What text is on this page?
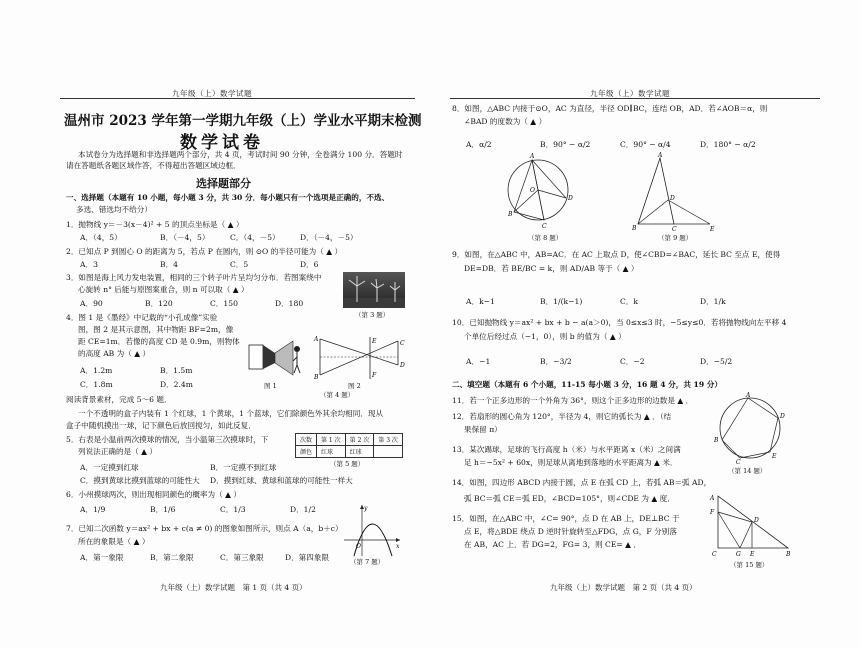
九年级（上）数学试题
温州市 2023 学年第一学期九年级（上）学业水平期末检测
数学试卷
本试卷分为选择题和非选择题两个部分，共 4 页，考试时间 90 分钟，全卷满分 100 分．答题时
请在答题纸各题区域作答，不得超出答题区域边框．
选择题部分
一、选择题（本题有 10 小题，每小题 3 分，共 30 分．每小题只有一个选项是正确的，不选、
多选、错选均不给分）
1．抛物线 y＝－3(x－4)² + 5 的顶点坐标是（ ▲ ）
A．（4，5）	B．（－4，5）	C．（4，－5）	D．（－4，－5）
2．已知点 P 到圆心 O 的距离为 5，若点 P 在圆内，则 ⊙O 的半径可能为（ ▲ ）
A．3	B．4	C．5	D．6
3．如图是海上风力发电装置，相同的三个转子叶片呈均匀分布．若图案绕中
心旋转 n° 后能与原图案重合，则 n 可以取（ ▲ ）
A．90	B．120	C．150	D．180
（第 3 题）
4．图 1 是《墨经》中记载的“小孔成像”实验
图，图 2 是其示意图，其中物距 BF=2m，像
距 CE=1m．若像的高度 CD 是 0.9m，则物体
的高度 AB 为（ ▲ ）
A．1.2m	B．1.5m
C．1.8m	D．2.4m	图 1
A
B
E
F
C
D
图 2
（第 4 题）
阅读背景素材，完成 5～6 题．
一个不透明的盒子内装有 1 个红球，1 个黄球，1 个蓝球，它们除颜色外其余均相同．现从
盒子中随机摸出一球，记下颜色后放回搅匀，如此反复．
5．右表是小温前两次摸球的情况，当小温第三次摸球时，下
列说法正确的是（ ▲ ）
次数	第 1 次	第 2 次	第 3 次
颜色	红球	红球	
（第 5 题）
A．一定摸到红球	B．一定摸不到红球
C．摸到黄球比摸到蓝球的可能性大 D．摸到红球、黄球和蓝球的可能性一样大
6．小州摸球两次，则出现相同颜色的概率为（ ▲ ）
A．1/9	B．1/6	C．1/3	D．1/2
7．已知二次函数 y＝ax² + bx + c(a ≠ 0) 的图象如图所示，则点 A（a，b＋c）
所在的象限是（ ▲ ）
A．第一象限	B．第二象限	C．第三象限	D．第四象限
y
x
O
（第 7 题）
九年级（上）数学试题　第 1 页（共 4 页）
九年级（上）数学试题
8．如图，△ABC 内接于⊙O，AC 为直径，半径 OD∥BC，连结 OB，AD．若∠AOB＝α，则
∠BAD 的度数为（ ▲ ）
A．α/2	B．90° − α/2	C．90° − α/4	D．180° − α/2
A
B
C
D
O
（第 8 题）
A
B	C
D
E
（第 9 题）
9．如图，在△ABC 中，AB=AC．在 AC 上取点 D，使∠CBD=∠BAC，延长 BC 至点 E，使得
DE=DB．若 BE/BC = k，则 AD/AB 等于（ ▲ ）
A．k−1	B．1/(k−1)	C．k	D．1/k
10．已知抛物线 y＝ax² + bx + b − a(a＞0)，当 0≤x≤3 时，−5≤y≤0．若将抛物线向左平移 4
个单位后经过点（−1，0），则 b 的值为（ ▲ ）
A．−1	B．−3/2	C．−2	D．−5/2
二、填空题（本题有 6 个小题，11-15 每小题 3 分，16 题 4 分，共 19 分）
11．若一个正多边形的一个外角为 36°，则这个正多边形的边数是 ▲ ．
12．若扇形的圆心角为 120°，半径为 4，则它的弧长为 ▲ ．（结
果保留 π）
13．某次踢球，足球的飞行高度 h（米）与水平距离 x（米）之间满
足 h＝−5x² + 60x，则足球从离地到落地的水平距离为 ▲ 米．
14．如图，四边形 ABCD 内接于圆，点 E 在弧 CD 上，若弧 AB＝弧 AD，
弧 BC＝弧 CE＝弧 ED，∠BCD=105°，则∠CDE 为 ▲ 度．
A
B
C
E
D
（第 14 题）
15．如图，在△ABC 中，∠C= 90°，点 D 在 AB 上，DE⊥BC 于
点 E，将△BDE 绕点 D 逆时针旋转至△FDG，点 G，F 分别落
在 AB，AC 上．若 DG=2，FG= 3，则 CE= ▲ ．
A
F
D
C	G E	B
（第 15 题）
九年级（上）数学试题　第 2 页（共 4 页）
